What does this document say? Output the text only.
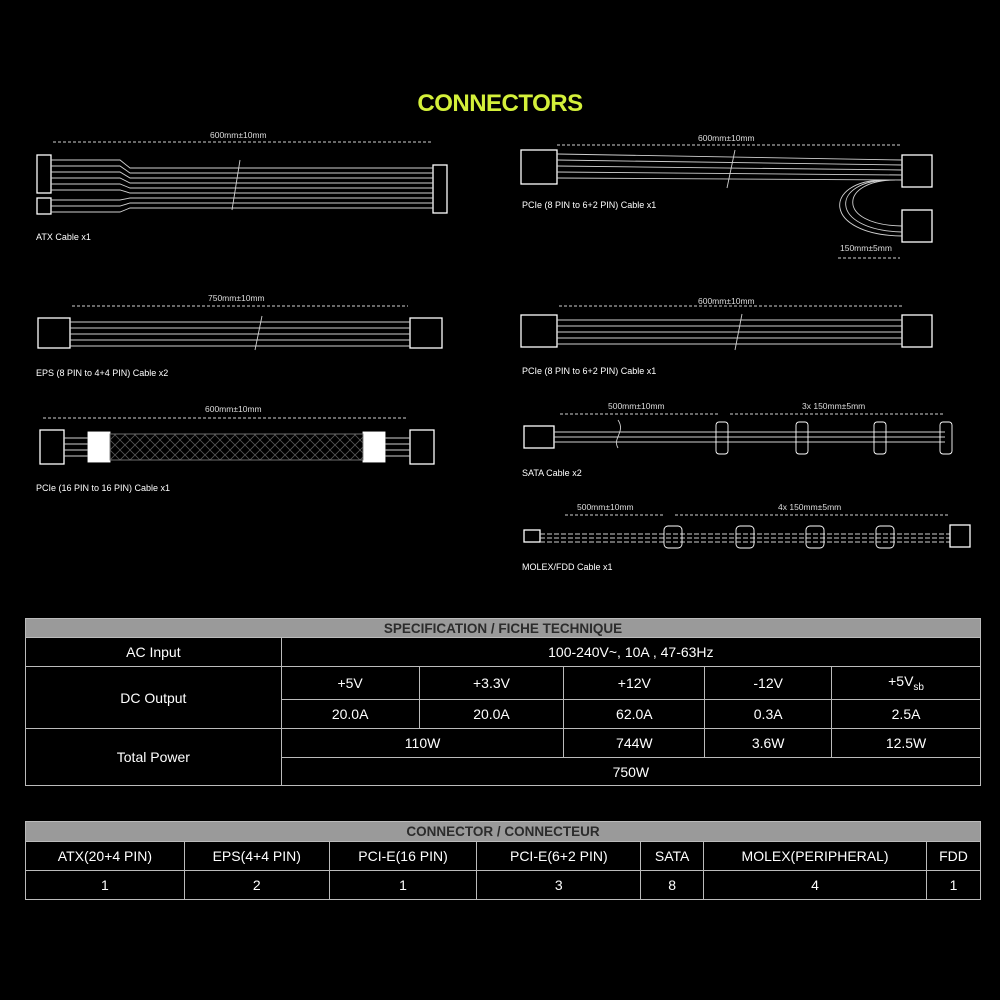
CONNECTORS
600mm±10mm
ATX Cable x1
600mm±10mm
150mm±5mm
PCIe (8 PIN to 6+2 PIN) Cable x1
750mm±10mm
EPS (8 PIN to 4+4 PIN) Cable x2
600mm±10mm
PCIe (8 PIN to 6+2 PIN) Cable x1
600mm±10mm
PCIe (16 PIN to 16 PIN) Cable x1
500mm±10mm	3x 150mm±5mm
SATA Cable x2
500mm±10mm	4x 150mm±5mm
MOLEX/FDD Cable x1
SPECIFICATION / FICHE TECHNIQUE					
AC Input	100-240V~, 10A , 47-63Hz				
DC Output	+5V	+3.3V	+12V	-12V	$+5V_{sb}$
	20.0A	20.0A	62.0A	0.3A	2.5A
Total Power	110W		744W	3.6W	12.5W
	750W				
CONNECTOR / CONNECTEUR						
ATX(20+4 PIN)	EPS(4+4 PIN)	PCI-E(16 PIN)	PCI-E(6+2 PIN)	SATA	MOLEX(PERIPHERAL)	FDD
1	2	1	3	8	4	1
